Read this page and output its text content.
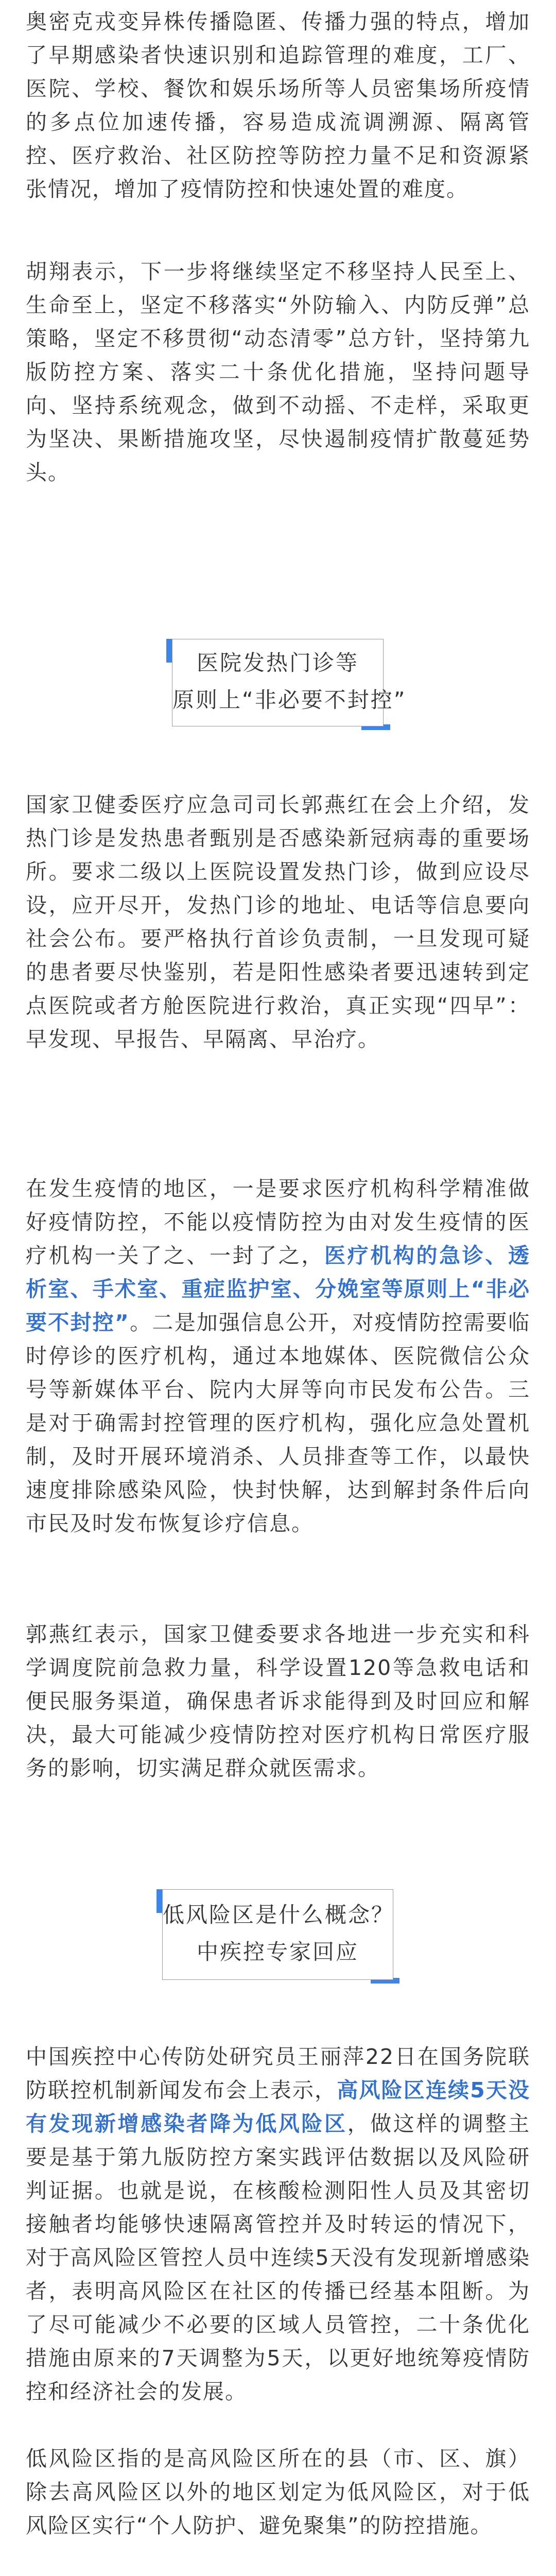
奥密克戎变异株传播隐匿、传播力强的特点，增加了早期感染者快速识别和追踪管理的难度，工厂、医院、学校、餐饮和娱乐场所等人员密集场所疫情的多点位加速传播，容易造成流调溯源、隔离管控、医疗救治、社区防控等防控力量不足和资源紧张情况，增加了疫情防控和快速处置的难度。

胡翔表示，下一步将继续坚定不移坚持人民至上、生命至上，坚定不移落实“外防输入、内防反弹”总策略，坚定不移贯彻“动态清零”总方针，坚持第九版防控方案、落实二十条优化措施，坚持问题导向、坚持系统观念，做到不动摇、不走样，采取更为坚决、果断措施攻坚，尽快遏制疫情扩散蔓延势头。

医院发热门诊等
原则上“非必要不封控”

国家卫健委医疗应急司司长郭燕红在会上介绍，发热门诊是发热患者甄别是否感染新冠病毒的重要场所。要求二级以上医院设置发热门诊，做到应设尽设，应开尽开，发热门诊的地址、电话等信息要向社会公布。要严格执行首诊负责制，一旦发现可疑的患者要尽快鉴别，若是阳性感染者要迅速转到定点医院或者方舱医院进行救治，真正实现“四早”：早发现、早报告、早隔离、早治疗。

在发生疫情的地区，一是要求医疗机构科学精准做好疫情防控，不能以疫情防控为由对发生疫情的医疗机构一关了之、一封了之，医疗机构的急诊、透析室、手术室、重症监护室、分娩室等原则上“非必要不封控”。二是加强信息公开，对疫情防控需要临时停诊的医疗机构，通过本地媒体、医院微信公众号等新媒体平台、院内大屏等向市民发布公告。三是对于确需封控管理的医疗机构，强化应急处置机制，及时开展环境消杀、人员排查等工作，以最快速度排除感染风险，快封快解，达到解封条件后向市民及时发布恢复诊疗信息。

郭燕红表示，国家卫健委要求各地进一步充实和科学调度院前急救力量，科学设置120等急救电话和便民服务渠道，确保患者诉求能得到及时回应和解决，最大可能减少疫情防控对医疗机构日常医疗服务的影响，切实满足群众就医需求。

低风险区是什么概念？
中疾控专家回应

中国疾控中心传防处研究员王丽萍22日在国务院联防联控机制新闻发布会上表示，高风险区连续5天没有发现新增感染者降为低风险区，做这样的调整主要是基于第九版防控方案实践评估数据以及风险研判证据。也就是说，在核酸检测阳性人员及其密切接触者均能够快速隔离管控并及时转运的情况下，对于高风险区管控人员中连续5天没有发现新增感染者，表明高风险区在社区的传播已经基本阻断。为了尽可能减少不必要的区域人员管控，二十条优化措施由原来的7天调整为5天，以更好地统筹疫情防控和经济社会的发展。

低风险区指的是高风险区所在的县（市、区、旗）除去高风险区以外的地区划定为低风险区，对于低风险区实行“个人防护、避免聚集”的防控措施。
